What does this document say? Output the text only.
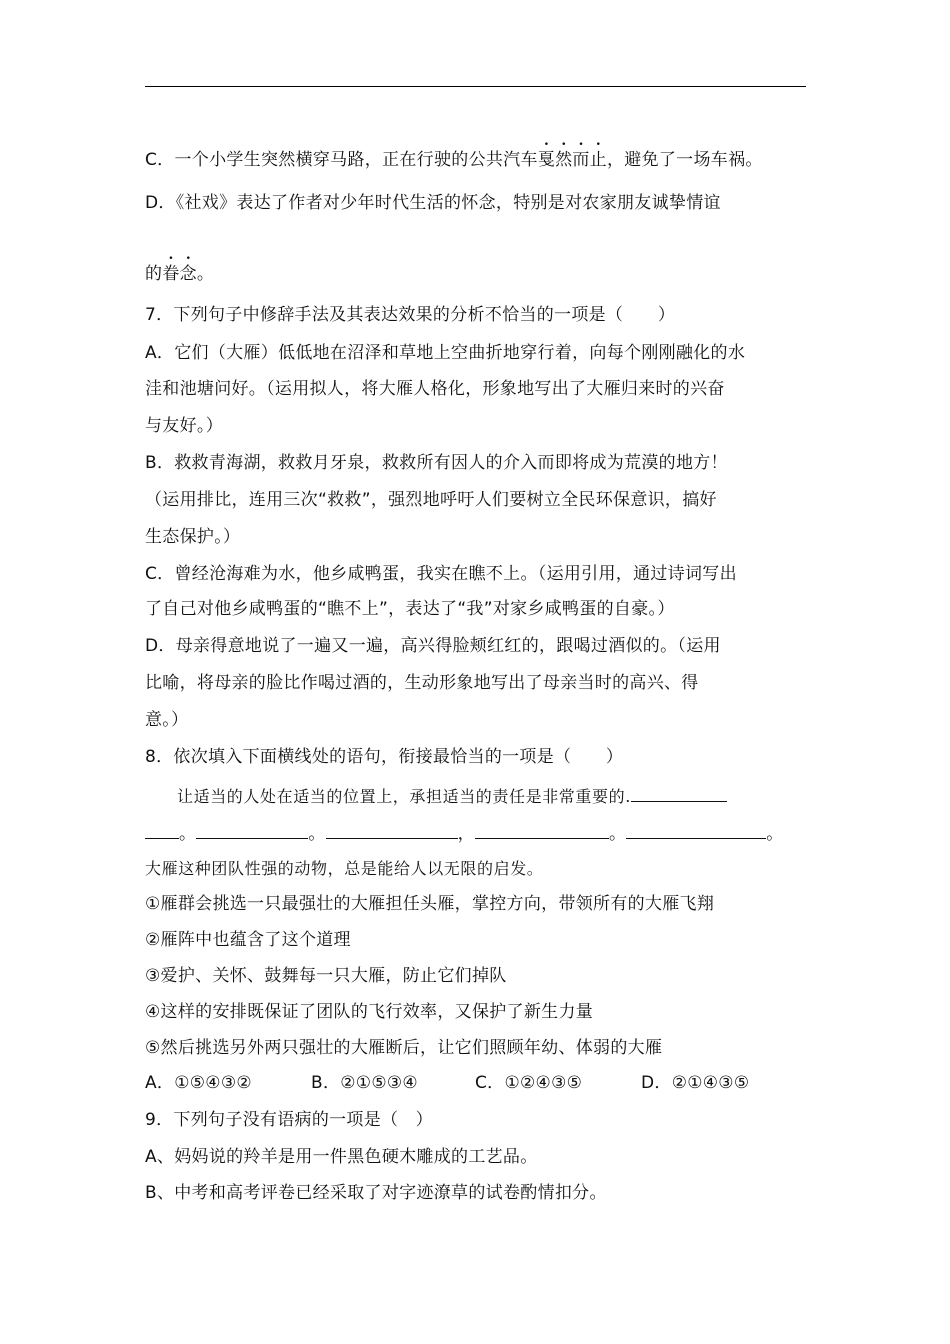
C．一个小学生突然横穿马路，正在行驶的公共汽车戛然而止，避免了一场车祸。
D．《社戏》表达了作者对少年时代生活的怀念，特别是对农家朋友诚挚情谊
的眷念。
7．下列句子中修辞手法及其表达效果的分析不恰当的一项是（　　）
A．它们（大雁）低低地在沼泽和草地上空曲折地穿行着，向每个刚刚融化的水
洼和池塘问好。（运用拟人，将大雁人格化，形象地写出了大雁归来时的兴奋
与友好。）
B．救救青海湖，救救月牙泉，救救所有因人的介入而即将成为荒漠的地方！
（运用排比，连用三次“救救”，强烈地呼吁人们要树立全民环保意识，搞好
生态保护。）
C．曾经沧海难为水，他乡咸鸭蛋，我实在瞧不上。（运用引用，通过诗词写出
了自己对他乡咸鸭蛋的“瞧不上”，表达了“我”对家乡咸鸭蛋的自豪。）
D．母亲得意地说了一遍又一遍，高兴得脸颊红红的，跟喝过酒似的。（运用
比喻，将母亲的脸比作喝过酒的，生动形象地写出了母亲当时的高兴、得
意。）
8．依次填入下面横线处的语句，衔接最恰当的一项是（　　）
让适当的人处在适当的位置上，承担适当的责任是非常重要的.
。	。	，	。	。
大雁这种团队性强的动物，总是能给人以无限的启发。
①雁群会挑选一只最强壮的大雁担任头雁，掌控方向，带领所有的大雁飞翔
②雁阵中也蕴含了这个道理
③爱护、关怀、鼓舞每一只大雁，防止它们掉队
④这样的安排既保证了团队的飞行效率，又保护了新生力量
⑤然后挑选另外两只强壮的大雁断后，让它们照顾年幼、体弱的大雁
A．①⑤④③②	B．②①⑤③④	C．①②④③⑤	D．②①④③⑤
9．下列句子没有语病的一项是（　）
A、妈妈说的羚羊是用一件黑色硬木雕成的工艺品。
B、中考和高考评卷已经采取了对字迹潦草的试卷酌情扣分。
